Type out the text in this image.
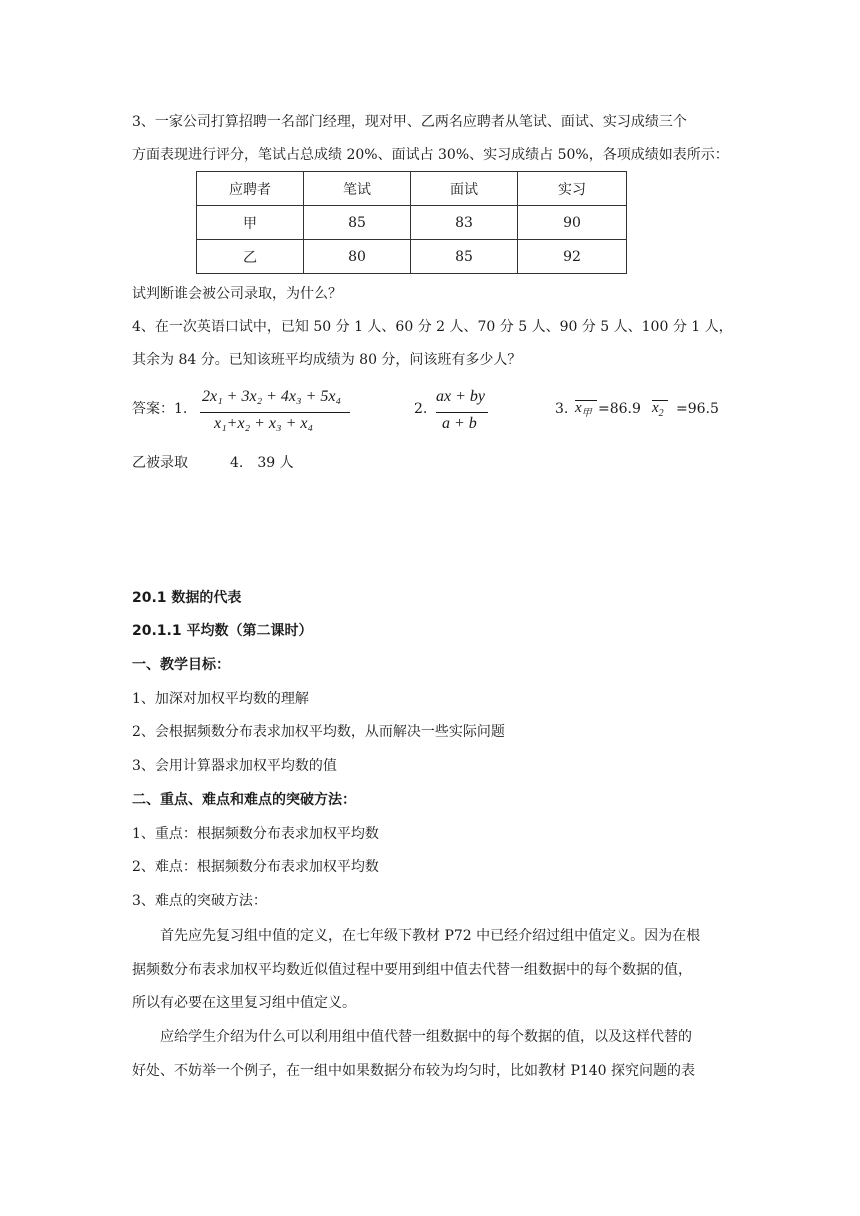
3、一家公司打算招聘一名部门经理，现对甲、乙两名应聘者从笔试、面试、实习成绩三个
方面表现进行评分，笔试占总成绩 20%、面试占 30%、实习成绩占 50%，各项成绩如表所示：
应聘者	笔试	面试	实习
甲	85	83	90
乙	80	85	92
试判断谁会被公司录取，为什么？
4、在一次英语口试中，已知 50 分 1 人、60 分 2 人、70 分 5 人、90 分 5 人、100 分 1 人，
其余为 84 分。已知该班平均成绩为 80 分，问该班有多少人？
答案：1.
2x₁ + 3x₂ + 4x₃ + 5x₄
x₁+x₂ + x₃ + x₄
2.
ax + by
a + b
3. $x_甲 =86.9$ $x_2 =96.5$
乙被录取　　　4.　39 人
20.1 数据的代表
20.1.1 平均数（第二课时）
一、教学目标：
1、加深对加权平均数的理解
2、会根据频数分布表求加权平均数，从而解决一些实际问题
3、会用计算器求加权平均数的值
二、重点、难点和难点的突破方法：
1、重点：根据频数分布表求加权平均数
2、难点：根据频数分布表求加权平均数
3、难点的突破方法：
首先应先复习组中值的定义，在七年级下教材 P72 中已经介绍过组中值定义。因为在根
据频数分布表求加权平均数近似值过程中要用到组中值去代替一组数据中的每个数据的值，
所以有必要在这里复习组中值定义。
应给学生介绍为什么可以利用组中值代替一组数据中的每个数据的值，以及这样代替的
好处、不妨举一个例子，在一组中如果数据分布较为均匀时，比如教材 P140 探究问题的表
